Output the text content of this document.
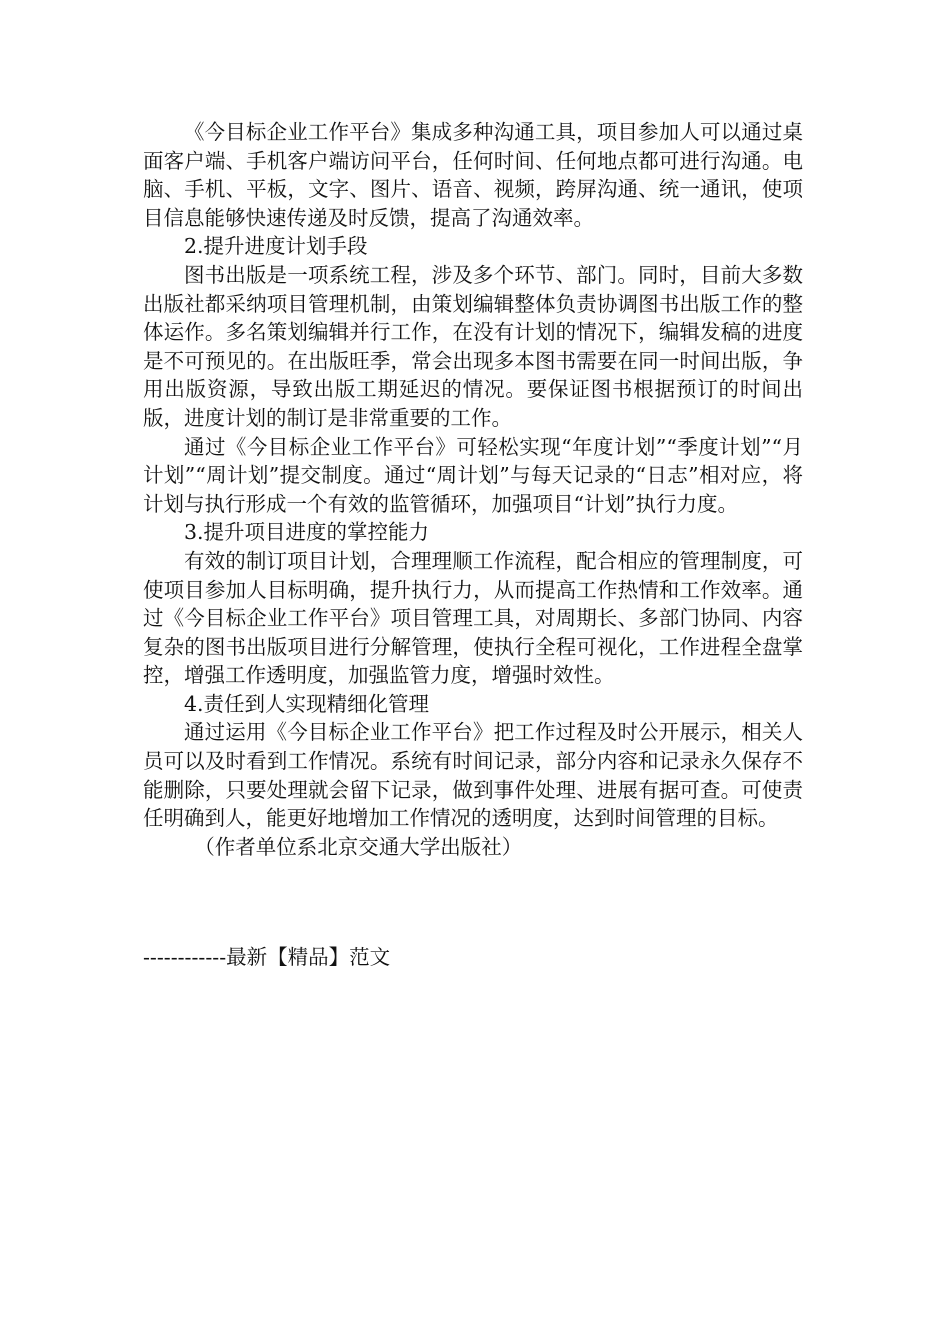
《今目标企业工作平台》集成多种沟通工具，项目参加人可以通过桌面客户端、手机客户端访问平台，任何时间、任何地点都可进行沟通。电脑、手机、平板，文字、图片、语音、视频，跨屏沟通、统一通讯，使项目信息能够快速传递及时反馈，提高了沟通效率。

2.提升进度计划手段

图书出版是一项系统工程，涉及多个环节、部门。同时，目前大多数出版社都采纳项目管理机制，由策划编辑整体负责协调图书出版工作的整体运作。多名策划编辑并行工作，在没有计划的情况下，编辑发稿的进度是不可预见的。在出版旺季，常会出现多本图书需要在同一时间出版，争用出版资源，导致出版工期延迟的情况。要保证图书根据预订的时间出版，进度计划的制订是非常重要的工作。

通过《今目标企业工作平台》可轻松实现“年度计划”“季度计划”“月计划”“周计划”提交制度。通过“周计划”与每天记录的“日志”相对应，将计划与执行形成一个有效的监管循环，加强项目“计划”执行力度。

3.提升项目进度的掌控能力

有效的制订项目计划，合理理顺工作流程，配合相应的管理制度，可使项目参加人目标明确，提升执行力，从而提高工作热情和工作效率。通过《今目标企业工作平台》项目管理工具，对周期长、多部门协同、内容复杂的图书出版项目进行分解管理，使执行全程可视化，工作进程全盘掌控，增强工作透明度，加强监管力度，增强时效性。

4.责任到人实现精细化管理

通过运用《今目标企业工作平台》把工作过程及时公开展示，相关人员可以及时看到工作情况。系统有时间记录，部分内容和记录永久保存不能删除，只要处理就会留下记录，做到事件处理、进展有据可查。可使责任明确到人，能更好地增加工作情况的透明度，达到时间管理的目标。

（作者单位系北京交通大学出版社）

------------最新【精品】范文
